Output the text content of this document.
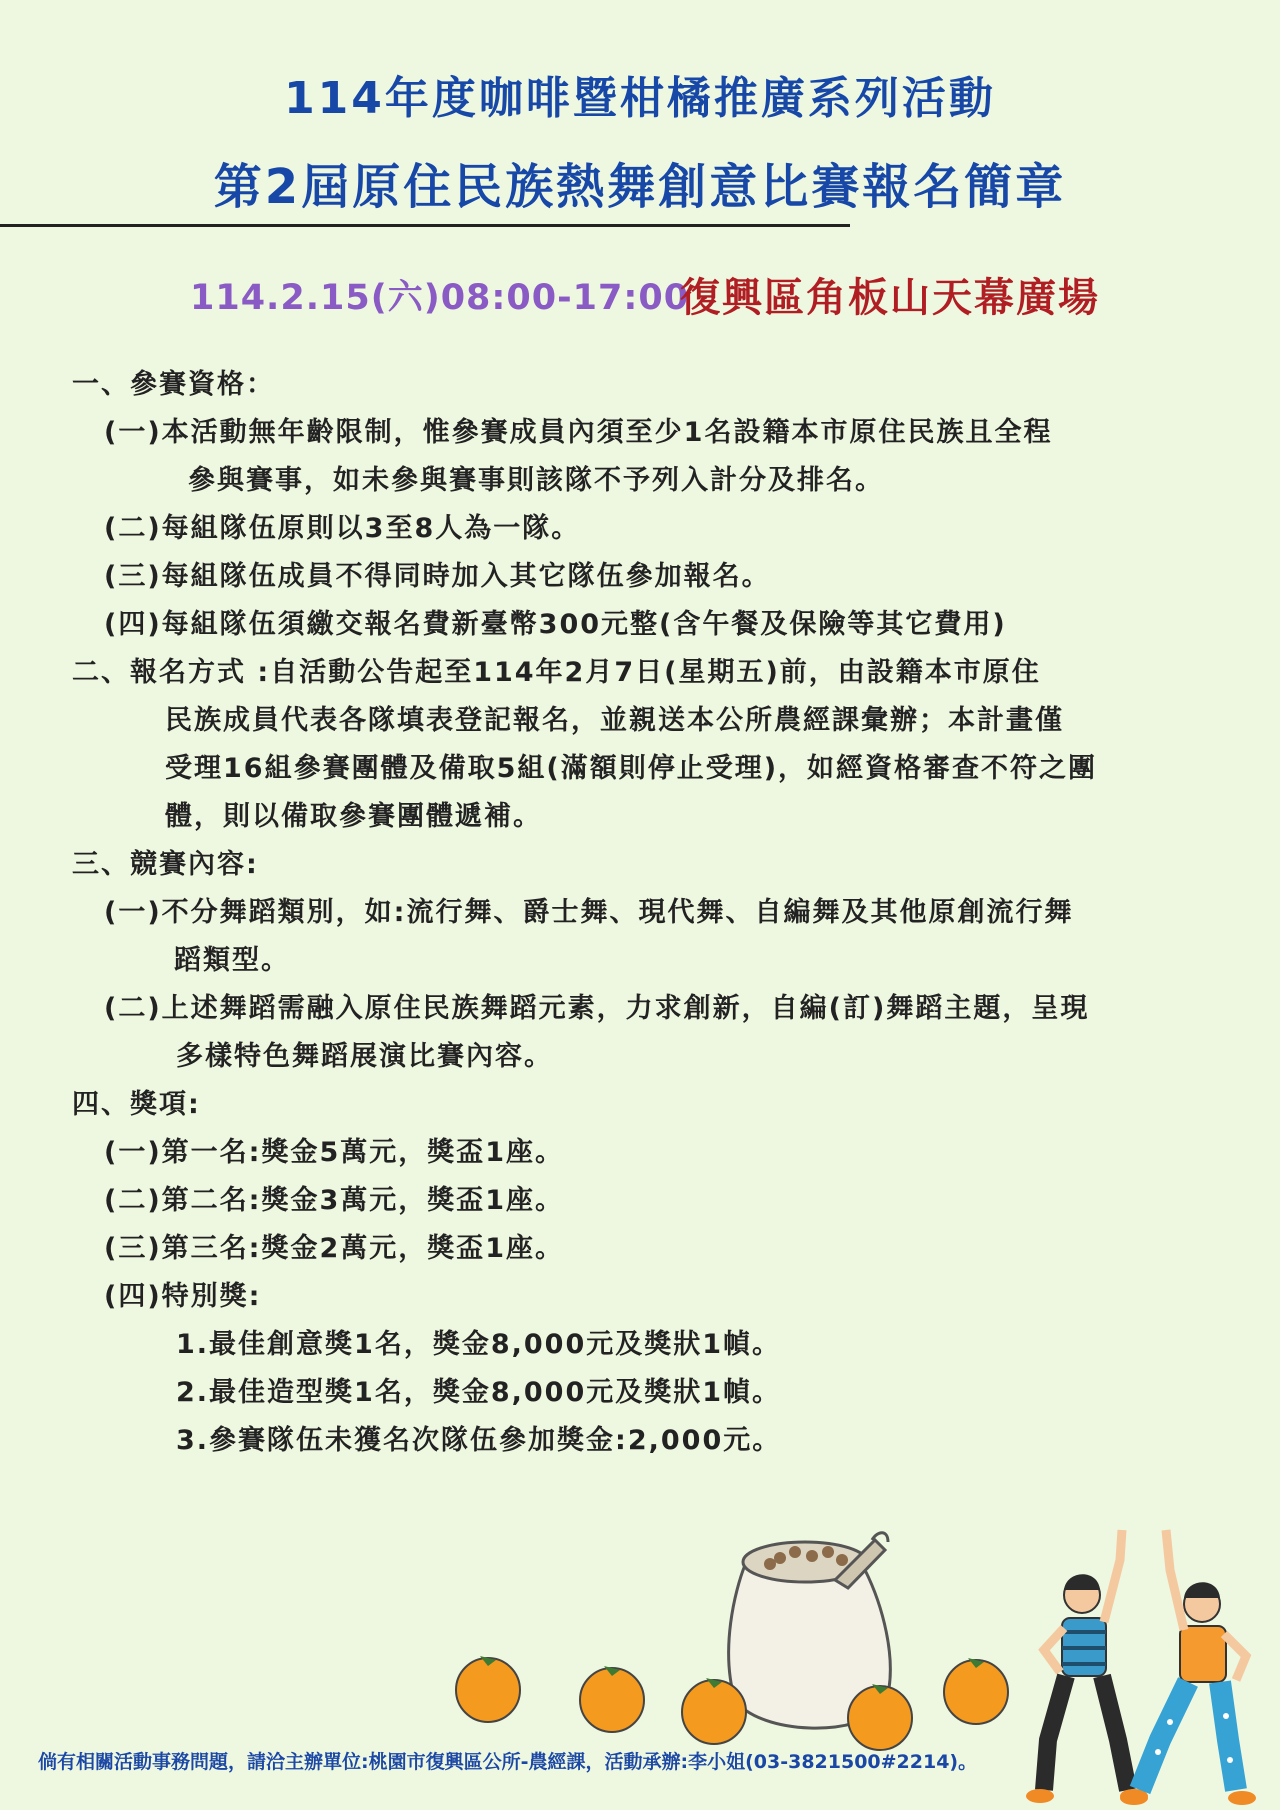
114年度咖啡暨柑橘推廣系列活動
第2屆原住民族熱舞創意比賽報名簡章
114.2.15(六)08:00-17:00
復興區角板山天幕廣場
一、參賽資格：
(一)本活動無年齡限制，惟參賽成員內須至少1名設籍本市原住民族且全程
參與賽事，如未參與賽事則該隊不予列入計分及排名。
(二)每組隊伍原則以3至8人為一隊。
(三)每組隊伍成員不得同時加入其它隊伍參加報名。
(四)每組隊伍須繳交報名費新臺幣300元整(含午餐及保險等其它費用)
二、報名方式 :自活動公告起至114年2月7日(星期五)前，由設籍本市原住
民族成員代表各隊填表登記報名，並親送本公所農經課彙辦；本計畫僅
受理16組參賽團體及備取5組(滿額則停止受理)，如經資格審查不符之團
體，則以備取參賽團體遞補。
三、競賽內容:
(一)不分舞蹈類別，如:流行舞、爵士舞、現代舞、自編舞及其他原創流行舞
蹈類型。
(二)上述舞蹈需融入原住民族舞蹈元素，力求創新，自編(訂)舞蹈主題，呈現
多樣特色舞蹈展演比賽內容。
四、獎項:
(一)第一名:獎金5萬元，獎盃1座。
(二)第二名:獎金3萬元，獎盃1座。
(三)第三名:獎金2萬元，獎盃1座。
(四)特別獎:
1.最佳創意獎1名，獎金8,000元及獎狀1幀。
2.最佳造型獎1名，獎金8,000元及獎狀1幀。
3.參賽隊伍未獲名次隊伍參加獎金:2,000元。
倘有相關活動事務問題，請洽主辦單位:桃園市復興區公所-農經課，活動承辦:李小姐(03-3821500#2214)。
